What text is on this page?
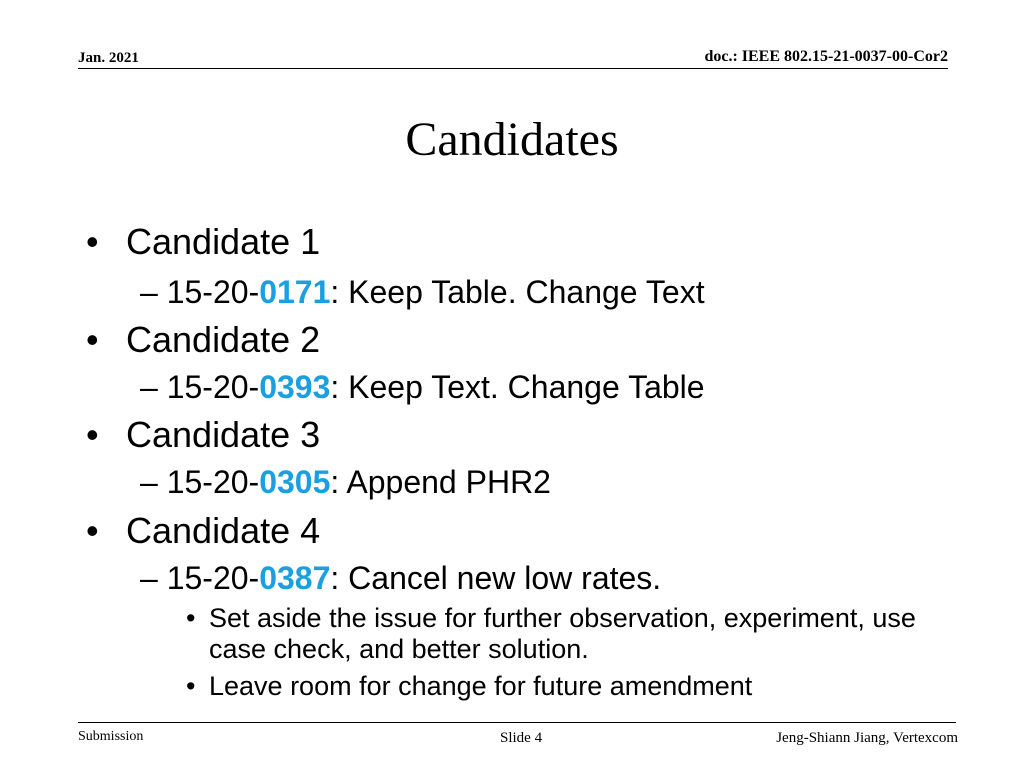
Jan. 2021	doc.: IEEE 802.15-21-0037-00-Cor2
Candidates
• Candidate 1
– 15-20-0171: Keep Table. Change Text
• Candidate 2
– 15-20-0393: Keep Text. Change Table
• Candidate 3
– 15-20-0305: Append PHR2
• Candidate 4
– 15-20-0387: Cancel new low rates.
• Set aside the issue for further observation, experiment, use case check, and better solution.
• Leave room for change for future amendment
Submission	Slide 4	Jeng-Shiann Jiang, Vertexcom
